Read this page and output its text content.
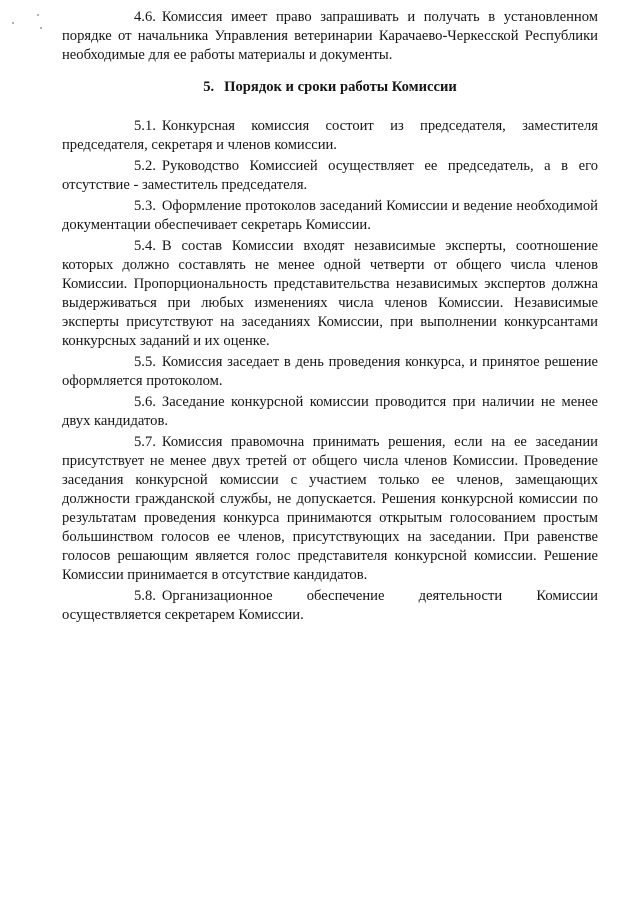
4.6. Комиссия имеет право запрашивать и получать в установленном порядке от начальника Управления ветеринарии Карачаево-Черкесской Республики необходимые для ее работы материалы и документы.

5. Порядок и сроки работы Комиссии

5.1. Конкурсная комиссия состоит из председателя, заместителя председателя, секретаря и членов комиссии.

5.2. Руководство Комиссией осуществляет ее председатель, а в его отсутствие - заместитель председателя.

5.3. Оформление протоколов заседаний Комиссии и ведение необходимой документации обеспечивает секретарь Комиссии.

5.4. В состав Комиссии входят независимые эксперты, соотношение которых должно составлять не менее одной четверти от общего числа членов Комиссии. Пропорциональность представительства независимых экспертов должна выдерживаться при любых изменениях числа членов Комиссии. Независимые эксперты присутствуют на заседаниях Комиссии, при выполнении конкурсантами конкурсных заданий и их оценке.

5.5. Комиссия заседает в день проведения конкурса, и принятое решение оформляется протоколом.

5.6. Заседание конкурсной комиссии проводится при наличии не менее двух кандидатов.

5.7. Комиссия правомочна принимать решения, если на ее заседании присутствует не менее двух третей от общего числа членов Комиссии. Проведение заседания конкурсной комиссии с участием только ее членов, замещающих должности гражданской службы, не допускается. Решения конкурсной комиссии по результатам проведения конкурса принимаются открытым голосованием простым большинством голосов ее членов, присутствующих на заседании. При равенстве голосов решающим является голос представителя конкурсной комиссии. Решение Комиссии принимается в отсутствие кандидатов.

5.8. Организационное обеспечение деятельности Комиссии осуществляется секретарем Комиссии.
